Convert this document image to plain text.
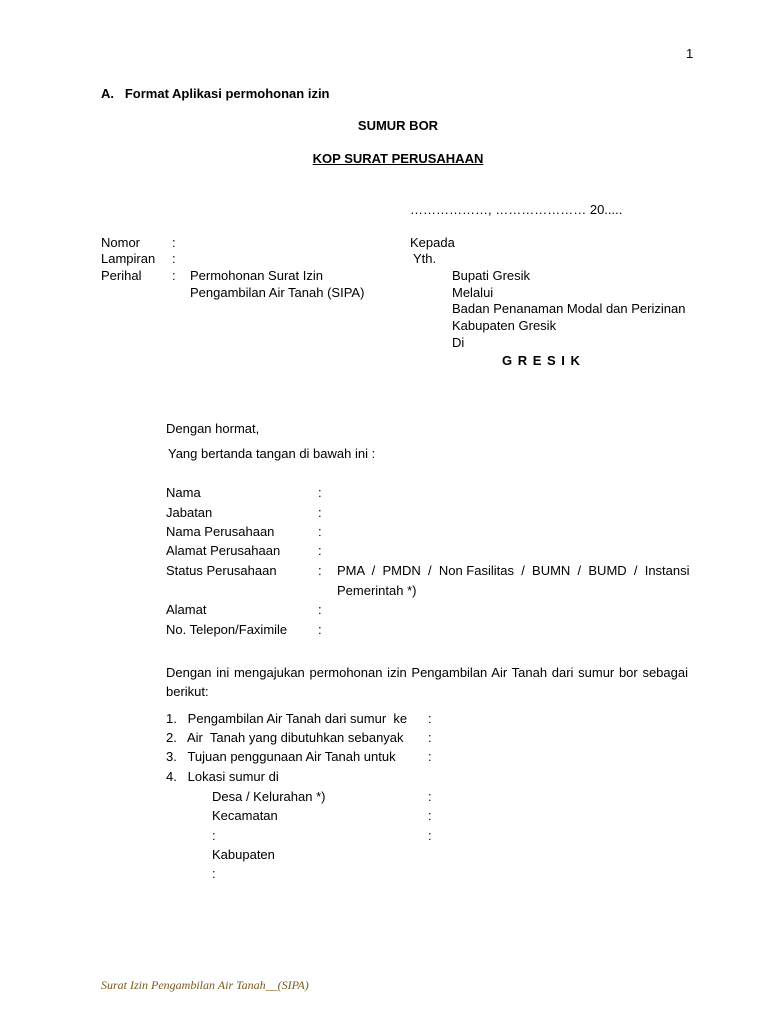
1
A.   Format Aplikasi permohonan izin
SUMUR BOR
KOP SURAT PERUSAHAAN
………………, ………………… 20.....
Nomor :
Lampiran :
Perihal : Permohonan Surat Izin
Pengambilan Air Tanah (SIPA)
Kepada
Yth.
Bupati Gresik
Melalui
Badan Penanaman Modal dan Perizinan
Kabupaten Gresik
Di
G R E S I K
Dengan hormat,
Yang bertanda tangan di bawah ini :
Nama	:
Jabatan	:
Nama Perusahaan	:
Alamat Perusahaan	:
Status Perusahaan	: PMA  /  PMDN  /  Non Fasilitas  /  BUMN  /  BUMD  /  Instansi
Pemerintah *)
Alamat	:
No. Telepon/Faximile :
Dengan ini mengajukan permohonan izin Pengambilan Air Tanah dari sumur bor sebagai
berikut:
1.   Pengambilan Air Tanah dari sumur  ke :
2.   Air  Tanah yang dibutuhkan sebanyak :
3.   Tujuan penggunaan Air Tanah untuk :
4.   Lokasi sumur di
Desa / Kelurahan *)	:
Kecamatan	:
:	:
Kabupaten
:
Surat Izin Pengambilan Air Tanah__(SIPA)
